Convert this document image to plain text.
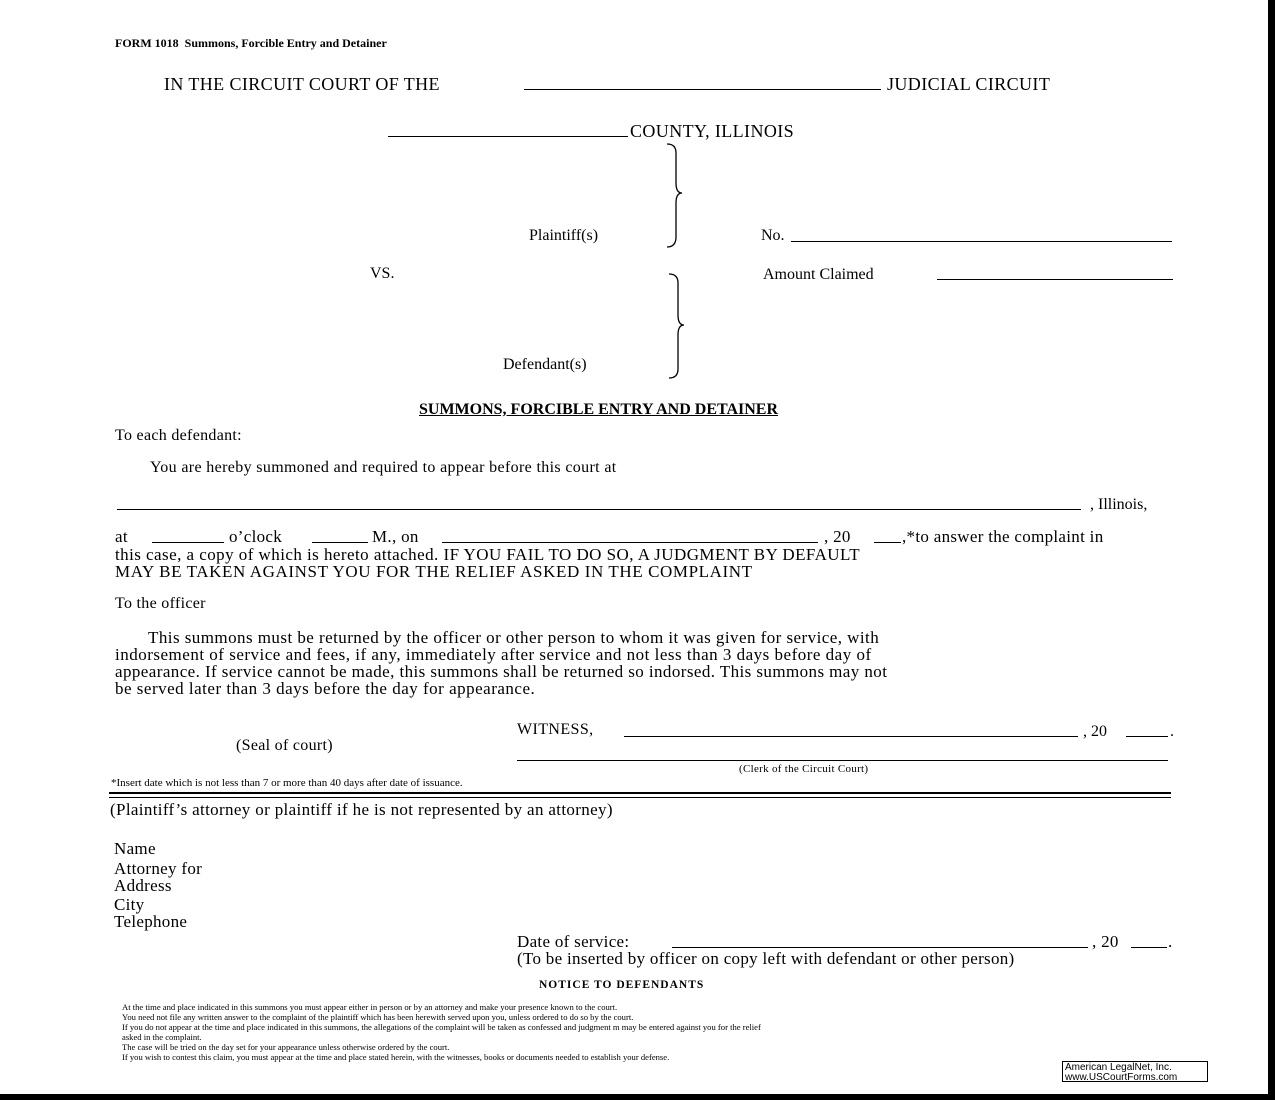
FORM 1018 Summons, Forcible Entry and Detainer
IN THE CIRCUIT COURT OF THE	JUDICIAL CIRCUIT
COUNTY, ILLINOIS
Plaintiff(s)	No.
VS.	Amount Claimed
Defendant(s)
SUMMONS, FORCIBLE ENTRY AND DETAINER
To each defendant:
You are hereby summoned and required to appear before this court at
, Illinois,
at	o’clock	M., on	, 20	,*to answer the complaint in
this case, a copy of which is hereto attached. IF YOU FAIL TO DO SO, A JUDGMENT BY DEFAULT
MAY BE TAKEN AGAINST YOU FOR THE RELIEF ASKED IN THE COMPLAINT
To the officer
This summons must be returned by the officer or other person to whom it was given for service, with
indorsement of service and fees, if any, immediately after service and not less than 3 days before day of
appearance. If service cannot be made, this summons shall be returned so indorsed. This summons may not
be served later than 3 days before the day for appearance.
WITNESS,	, 20	.
(Seal of court)
(Clerk of the Circuit Court)
*Insert date which is not less than 7 or more than 40 days after date of issuance.
(Plaintiff’s attorney or plaintiff if he is not represented by an attorney)
Name
Attorney for
Address
City
Telephone
Date of service:	, 20	.
(To be inserted by officer on copy left with defendant or other person)
NOTICE TO DEFENDANTS
At the time and place indicated in this summons you must appear either in person or by an attorney and make your presence known to the court.
You need not file any written answer to the complaint of the plaintiff which has been herewith served upon you, unless ordered to do so by the court.
If you do not appear at the time and place indicated in this summons, the allegations of the complaint will be taken as confessed and judgment m may be entered against you for the relief
asked in the complaint.
The case will be tried on the day set for your appearance unless otherwise ordered by the court.
If you wish to contest this claim, you must appear at the time and place stated herein, with the witnesses, books or documents needed to establish your defense.
American LegalNet, Inc.
www.USCourtForms.com
